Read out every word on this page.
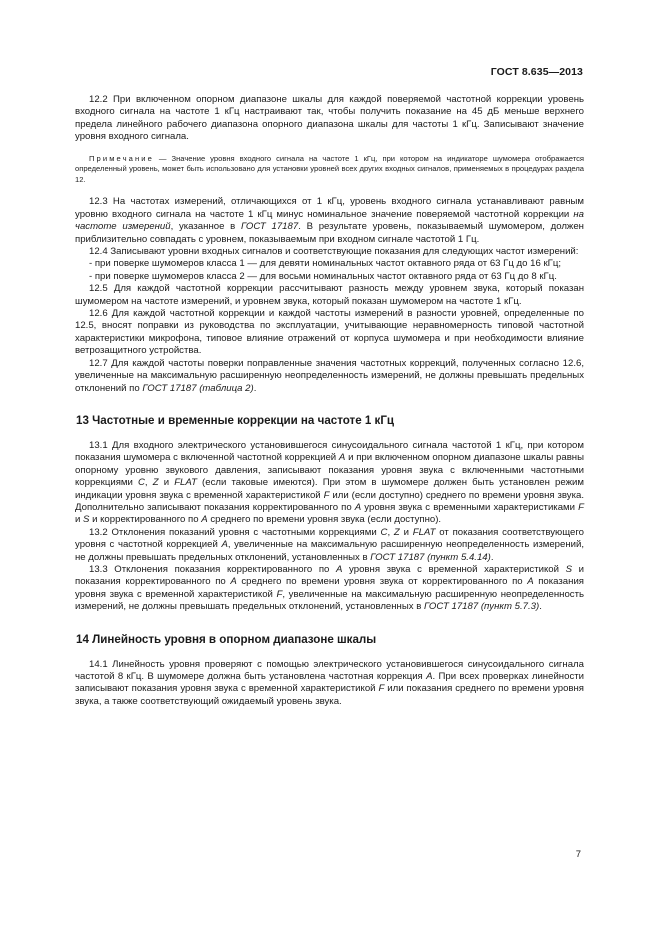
ГОСТ 8.635—2013

12.2 При включенном опорном диапазоне шкалы для каждой поверяемой частотной коррекции уровень входного сигнала на частоте 1 кГц настраивают так, чтобы получить показание на 45 дБ меньше верхнего предела линейного рабочего диапазона опорного диапазона шкалы для частоты 1 кГц. Записывают значение уровня входного сигнала.

Примечание — Значение уровня входного сигнала на частоте 1 кГц, при котором на индикаторе шумомера отображается определенный уровень, может быть использовано для установки уровней всех других входных сигналов, применяемых в процедурах раздела 12.

12.3 На частотах измерений, отличающихся от 1 кГц, уровень входного сигнала устанавливают равным уровню входного сигнала на частоте 1 кГц минус номинальное значение поверяемой частотной коррекции на частоте измерений, указанное в ГОСТ 17187. В результате уровень, показываемый шумомером, должен приблизительно совпадать с уровнем, показываемым при входном сигнале частотой 1 Гц.

12.4 Записывают уровни входных сигналов и соответствующие показания для следующих частот измерений:

- при поверке шумомеров класса 1 — для девяти номинальных частот октавного ряда от 63 Гц до 16 кГц;

- при поверке шумомеров класса 2 — для восьми номинальных частот октавного ряда от 63 Гц до 8 кГц.

12.5 Для каждой частотной коррекции рассчитывают разность между уровнем звука, который показан шумомером на частоте измерений, и уровнем звука, который показан шумомером на частоте 1 кГц.

12.6 Для каждой частотной коррекции и каждой частоты измерений в разности уровней, определенные по 12.5, вносят поправки из руководства по эксплуатации, учитывающие неравномерность типовой частотной характеристики микрофона, типовое влияние отражений от корпуса шумомера и при необходимости влияние ветрозащитного устройства.

12.7 Для каждой частоты поверки поправленные значения частотных коррекций, полученных согласно 12.6, увеличенные на максимальную расширенную неопределенность измерений, не должны превышать предельных отклонений по ГОСТ 17187 (таблица 2).

13 Частотные и временные коррекции на частоте 1 кГц

13.1 Для входного электрического установившегося синусоидального сигнала частотой 1 кГц, при котором показания шумомера с включенной частотной коррекцией A и при включенном опорном диапазоне шкалы равны опорному уровню звукового давления, записывают показания уровня звука с включенными частотными коррекциями C, Z и FLAT (если таковые имеются). При этом в шумомере должен быть установлен режим индикации уровня звука с временной характеристикой F или (если доступно) среднего по времени уровня звука. Дополнительно записывают показания корректированного по A уровня звука с временными характеристиками F и S и корректированного по A среднего по времени уровня звука (если доступно).

13.2 Отклонения показаний уровня с частотными коррекциями C, Z и FLAT от показания соответствующего уровня с частотной коррекцией A, увеличенные на максимальную расширенную неопределенность измерений, не должны превышать предельных отклонений, установленных в ГОСТ 17187 (пункт 5.4.14).

13.3 Отклонения показания корректированного по A уровня звука с временной характеристикой S и показания корректированного по A среднего по времени уровня звука от корректированного по A показания уровня звука с временной характеристикой F, увеличенные на максимальную расширенную неопределенность измерений, не должны превышать предельных отклонений, установленных в ГОСТ 17187 (пункт 5.7.3).

14 Линейность уровня в опорном диапазоне шкалы

14.1 Линейность уровня проверяют с помощью электрического установившегося синусоидального сигнала частотой 8 кГц. В шумомере должна быть установлена частотная коррекция A. При всех проверках линейности записывают показания уровня звука с временной характеристикой F или показания среднего по времени уровня звука, а также соответствующий ожидаемый уровень звука.

7
